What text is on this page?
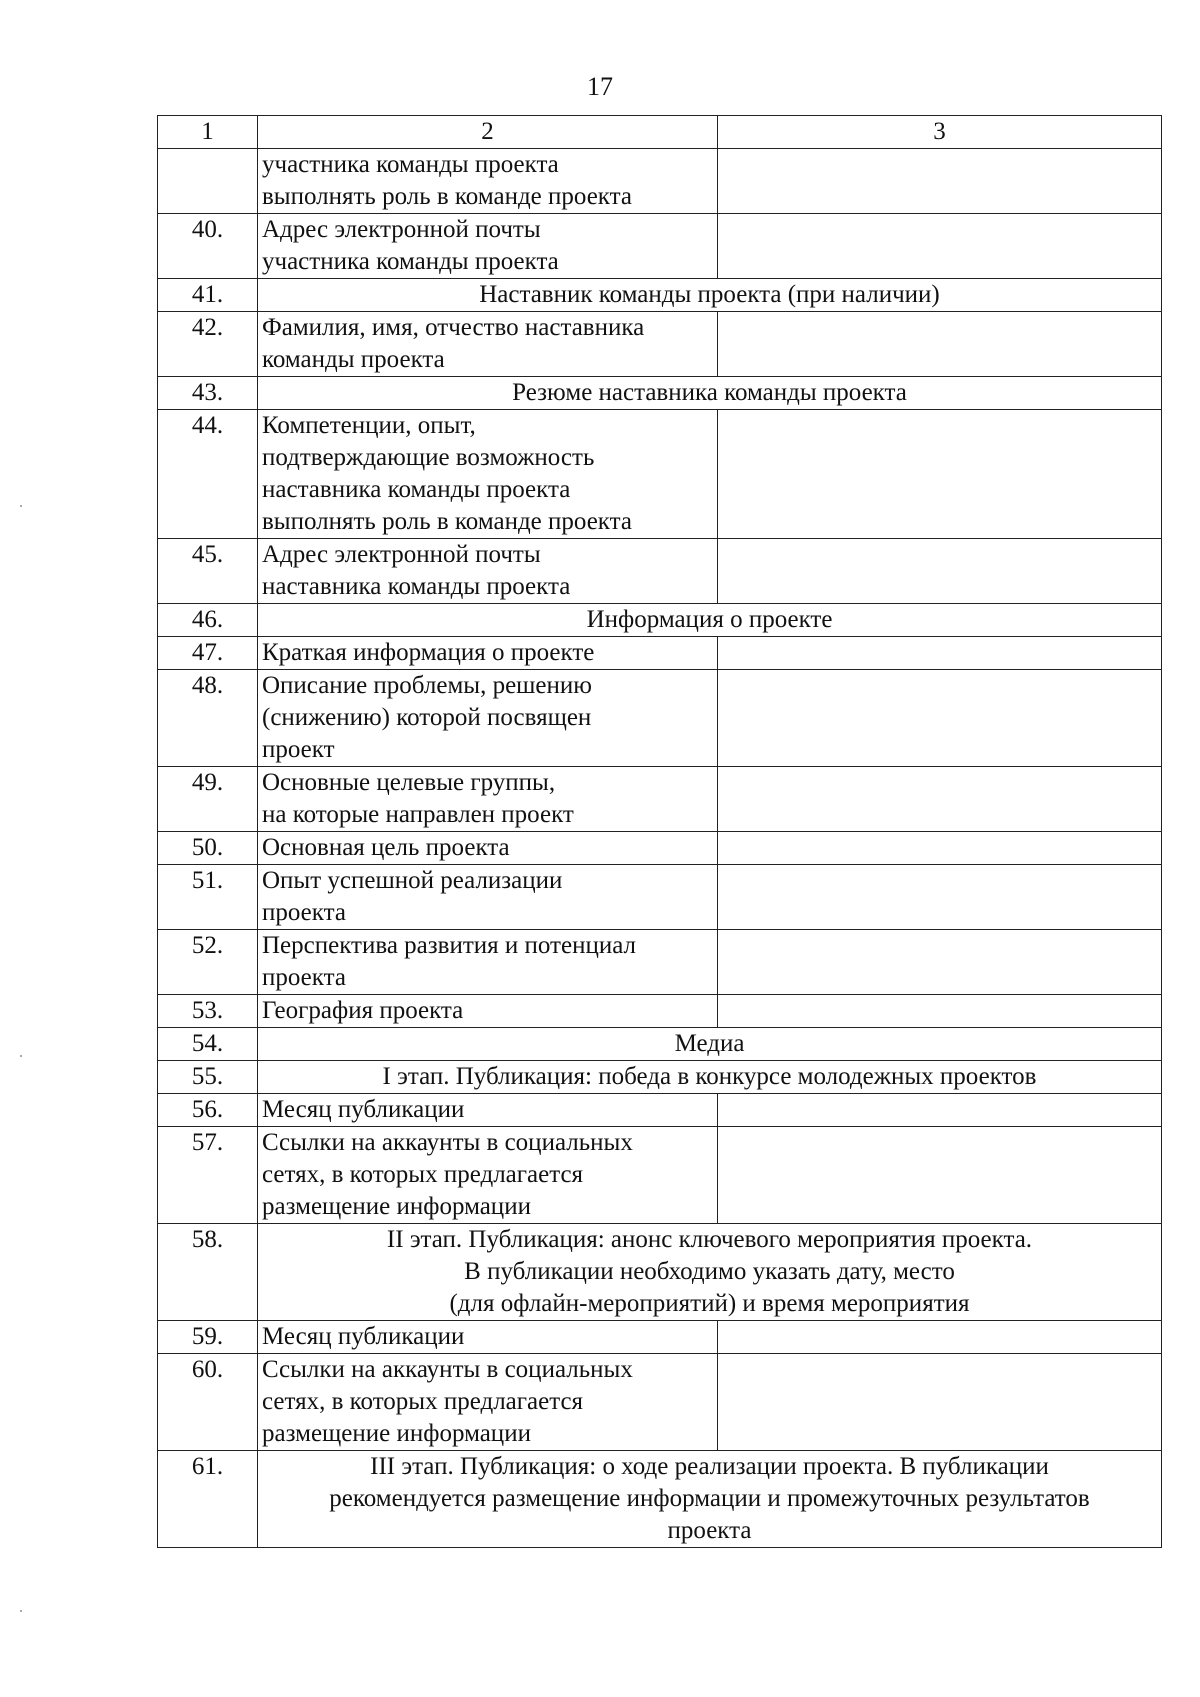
17
1	2	3
	участника команды проекта
выполнять роль в команде проекта	
40.	Адрес электронной почты
участника команды проекта	
41.	Наставник команды проекта (при наличии)	
42.	Фамилия, имя, отчество наставника
команды проекта	
43.	Резюме наставника команды проекта	
44.	Компетенции, опыт,
подтверждающие возможность
наставника команды проекта
выполнять роль в команде проекта	
45.	Адрес электронной почты
наставника команды проекта	
46.	Информация о проекте	
47.	Краткая информация о проекте	
48.	Описание проблемы, решению
(снижению) которой посвящен
проект	
49.	Основные целевые группы,
на которые направлен проект	
50.	Основная цель проекта	
51.	Опыт успешной реализации
проекта	
52.	Перспектива развития и потенциал
проекта	
53.	География проекта	
54.	Медиа	
55.	I этап. Публикация: победа в конкурсе молодежных проектов	
56.	Месяц публикации	
57.	Ссылки на аккаунты в социальных
сетях, в которых предлагается
размещение информации	
58.	II этап. Публикация: анонс ключевого мероприятия проекта.
В публикации необходимо указать дату, место
(для офлайн-мероприятий) и время мероприятия	
59.	Месяц публикации	
60.	Ссылки на аккаунты в социальных
сетях, в которых предлагается
размещение информации	
61.	III этап. Публикация: о ходе реализации проекта. В публикации
рекомендуется размещение информации и промежуточных результатов
проекта	
